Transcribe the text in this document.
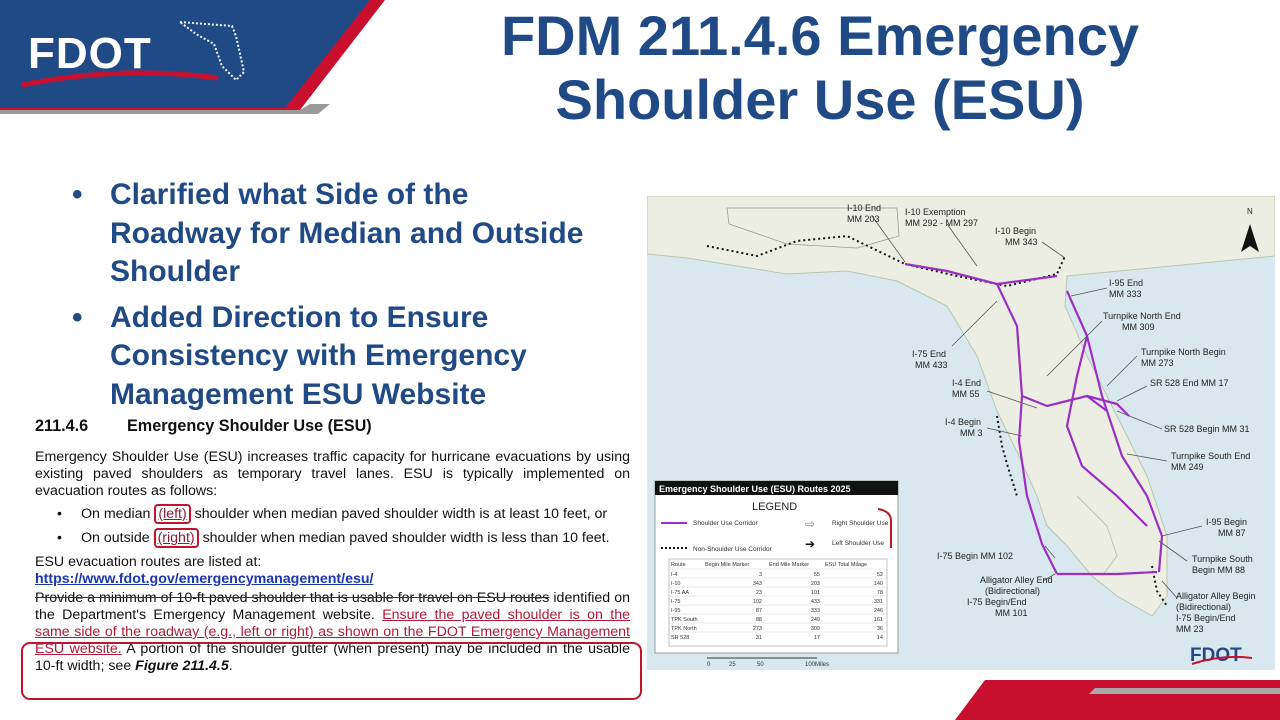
FDOT	FDM 211.4.6 Emergency
Shoulder Use (ESU)
• Clarified what Side of the Roadway for Median and Outside Shoulder
• Added Direction to Ensure Consistency with Emergency Management ESU Website
211.4.6 Emergency Shoulder Use (ESU)

Emergency Shoulder Use (ESU) increases traffic capacity for hurricane evacuations by using existing paved shoulders as temporary travel lanes. ESU is typically implemented on evacuation routes as follows:

• On median (left) shoulder when median paved shoulder width is at least 10 feet, or
• On outside (right) shoulder when median paved shoulder width is less than 10 feet.

ESU evacuation routes are listed at:
https://www.fdot.gov/emergencymanagement/esu/

Provide a minimum of 10-ft paved shoulder that is usable for travel on ESU routes identified on the Department's Emergency Management website. Ensure the paved shoulder is on the same side of the roadway (e.g., left or right) as shown on the FDOT Emergency Management ESU website. A portion of the shoulder gutter (when present) may be included in the usable 10-ft width; see Figure 211.4.5.

I-10 End
MM 203
I-10 Exemption
MM 292 - MM 297
I-10 Begin
MM 343
I-95 End
MM 333
Turnpike North End
MM 309
I-75 End
MM 433
Turnpike North Begin
MM 273
I-4 End
MM 55
SR 528 End MM 17
I-4 Begin
MM 3	SR 528 Begin MM 31
Turnpike South End
MM 249
I-95 Begin
MM 87
I-75 Begin MM 102	Turnpike South
Begin MM 88
Alligator Alley End
(Bidirectional)
I-75 Begin/End
MM 101
Alligator Alley Begin
(Bidirectional)
I-75 Begin/End
MM 23
N
Emergency Shoulder Use (ESU) Routes 2025
LEGEND
Shoulder Use Corridor
Non-Shoulder Use Corridor
⇨	Right Shoulder Use
➔	Left Shoulder Use
Route	Begin Mile Marker	End Mile Marker	ESU Total Milage
I-4	3	55	52
I-10	343	203	140
I-75 AA	23	101	78
I-75	102	433	331
I-95	87	333	246
TPK South	88	249	161
TPK North	273	309	36
SR 528	31	17	14
0	25	50	100Miles	FDOT
